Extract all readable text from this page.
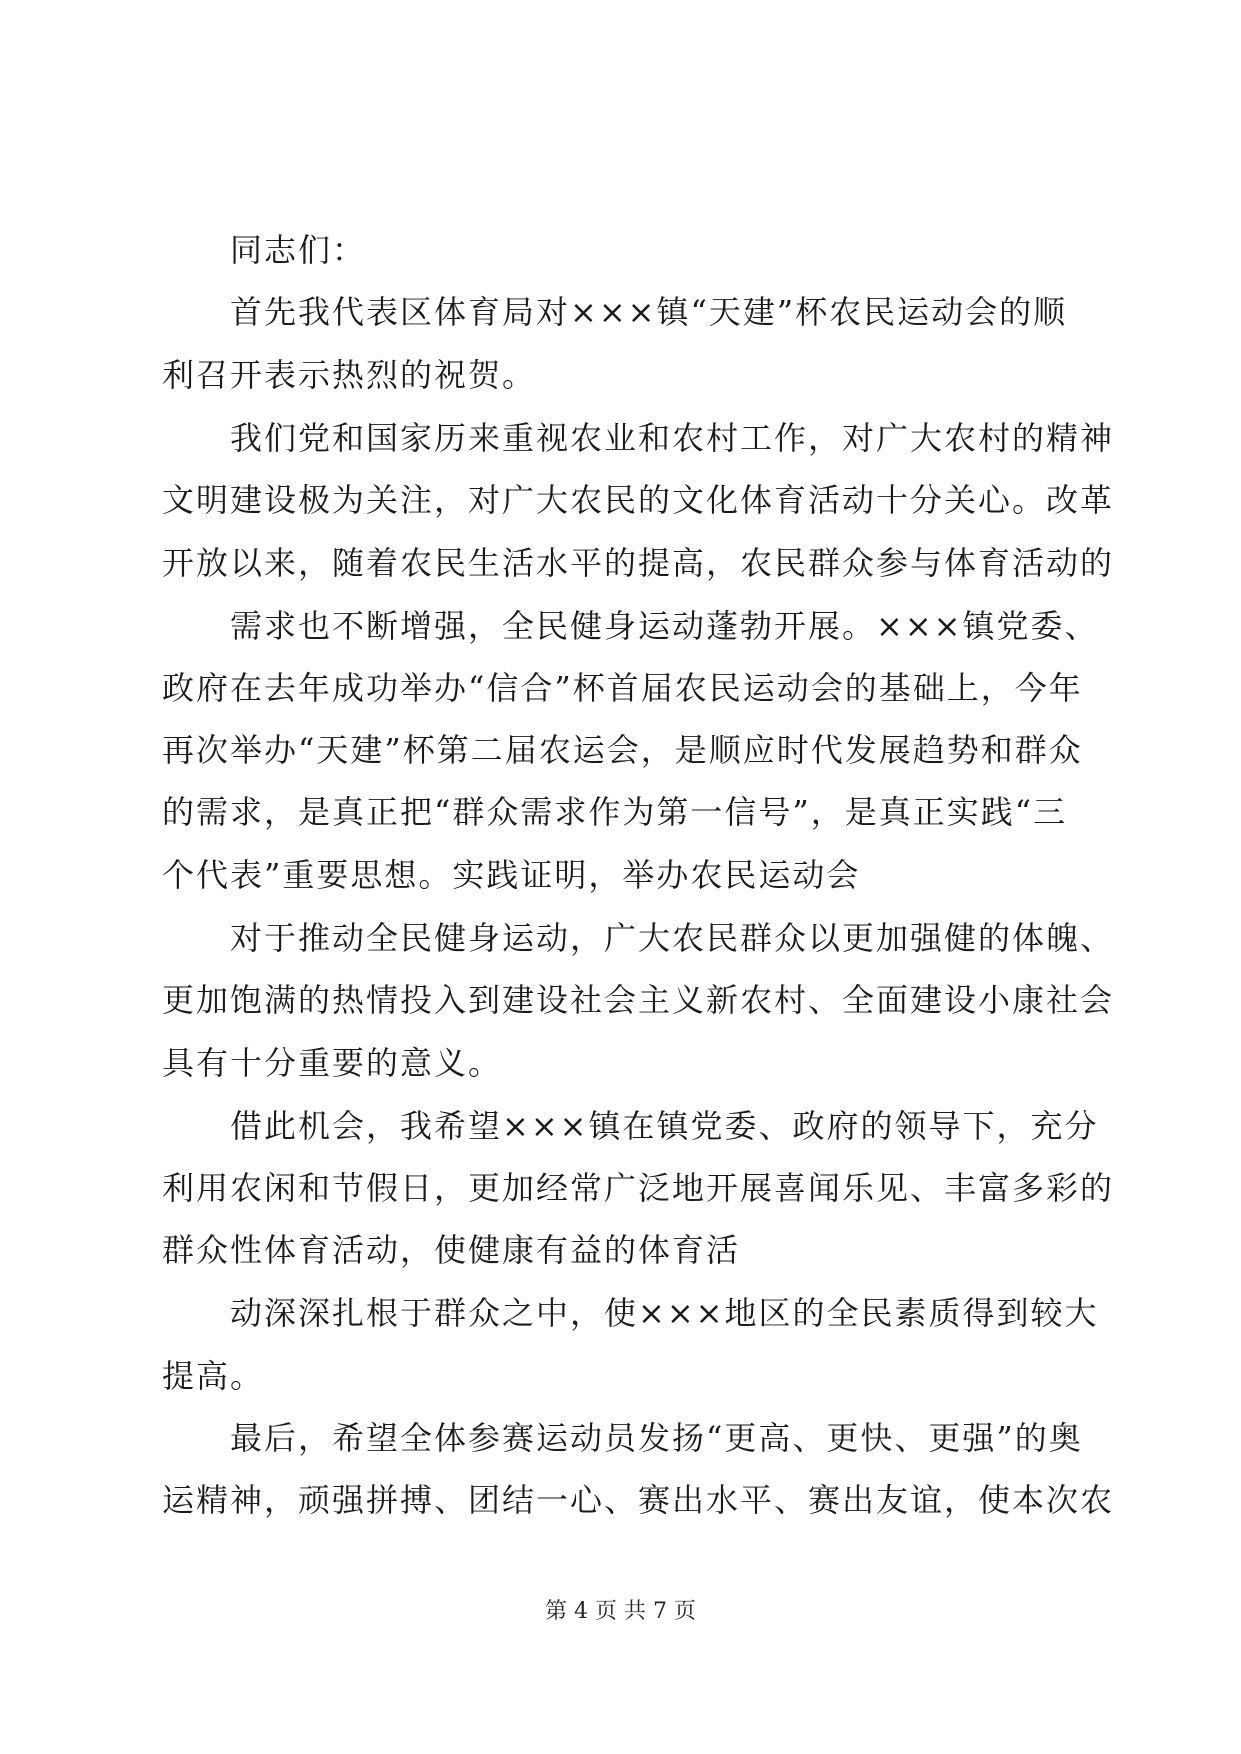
同志们：
首先我代表区体育局对×××镇“天建”杯农民运动会的顺
利召开表示热烈的祝贺。
我们党和国家历来重视农业和农村工作，对广大农村的精神
文明建设极为关注，对广大农民的文化体育活动十分关心。改革
开放以来，随着农民生活水平的提高，农民群众参与体育活动的
需求也不断增强，全民健身运动蓬勃开展。×××镇党委、
政府在去年成功举办“信合”杯首届农民运动会的基础上，今年
再次举办“天建”杯第二届农运会，是顺应时代发展趋势和群众
的需求，是真正把“群众需求作为第一信号”，是真正实践“三
个代表”重要思想。实践证明，举办农民运动会
对于推动全民健身运动，广大农民群众以更加强健的体魄、
更加饱满的热情投入到建设社会主义新农村、全面建设小康社会
具有十分重要的意义。
借此机会，我希望×××镇在镇党委、政府的领导下，充分
利用农闲和节假日，更加经常广泛地开展喜闻乐见、丰富多彩的
群众性体育活动，使健康有益的体育活
动深深扎根于群众之中，使×××地区的全民素质得到较大
提高。
最后，希望全体参赛运动员发扬“更高、更快、更强”的奥
运精神，顽强拼搏、团结一心、赛出水平、赛出友谊，使本次农
第 4 页 共 7 页
